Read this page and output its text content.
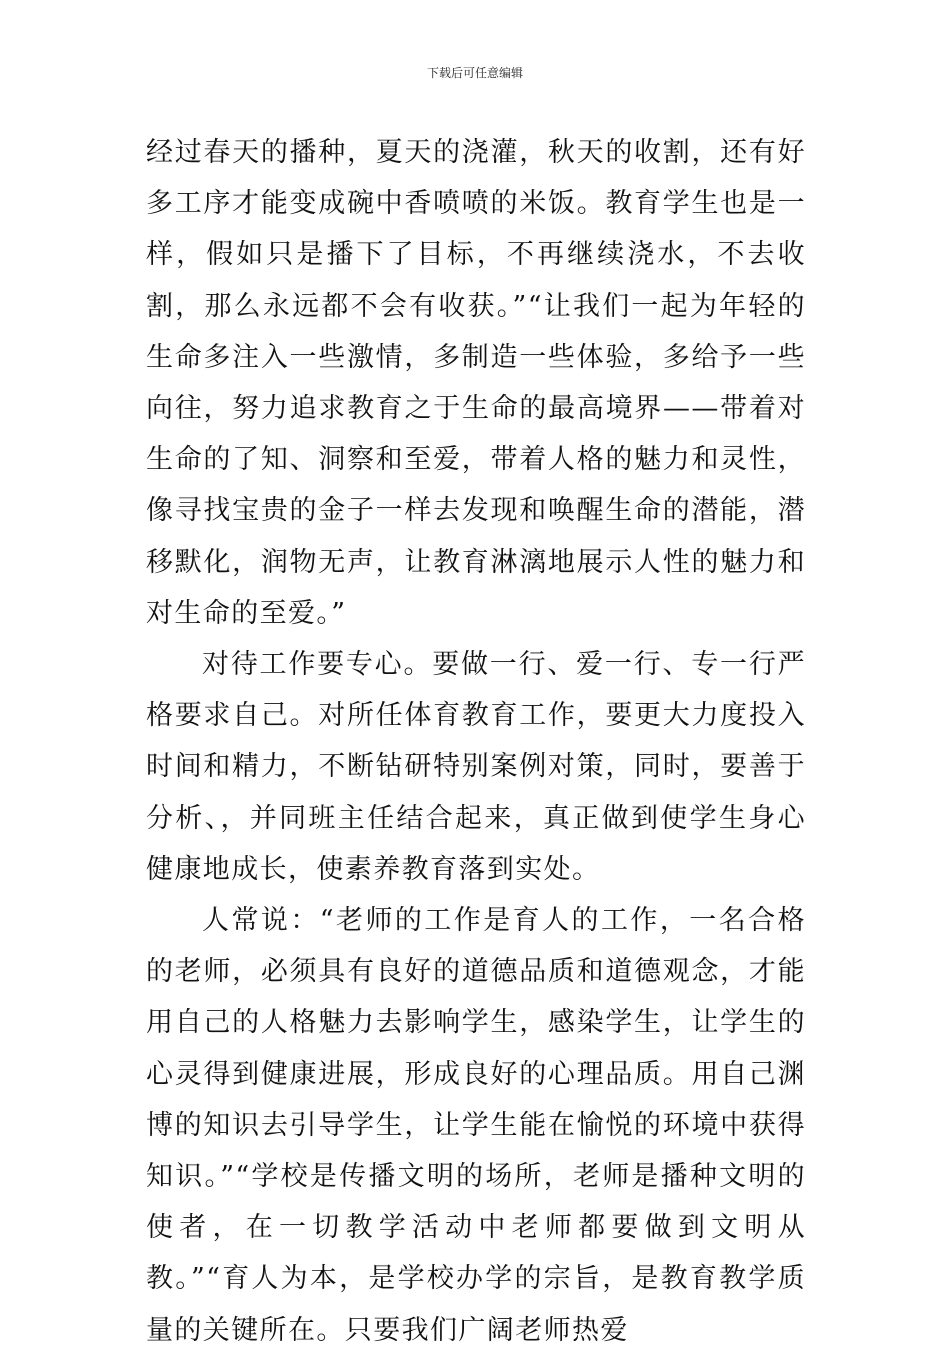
下载后可任意编辑

经过春天的播种，夏天的浇灌，秋天的收割，还有好多工序才能变成碗中香喷喷的米饭。教育学生也是一样，假如只是播下了目标，不再继续浇水，不去收割，那么永远都不会有收获。”“让我们一起为年轻的生命多注入一些激情，多制造一些体验，多给予一些向往，努力追求教育之于生命的最高境界——带着对生命的了知、洞察和至爱，带着人格的魅力和灵性，像寻找宝贵的金子一样去发现和唤醒生命的潜能，潜移默化，润物无声，让教育淋漓地展示人性的魅力和对生命的至爱。”

对待工作要专心。要做一行、爱一行、专一行严格要求自己。对所任体育教育工作，要更大力度投入时间和精力，不断钻研特别案例对策，同时，要善于分析、，并同班主任结合起来，真正做到使学生身心健康地成长，使素养教育落到实处。

人常说：“老师的工作是育人的工作，一名合格的老师，必须具有良好的道德品质和道德观念，才能用自己的人格魅力去影响学生，感染学生，让学生的心灵得到健康进展，形成良好的心理品质。用自己渊博的知识去引导学生，让学生能在愉悦的环境中获得知识。”“学校是传播文明的场所，老师是播种文明的使者，在一切教学活动中老师都要做到文明从教。”“育人为本，是学校办学的宗旨，是教育教学质量的关键所在。只要我们广阔老师热爱
